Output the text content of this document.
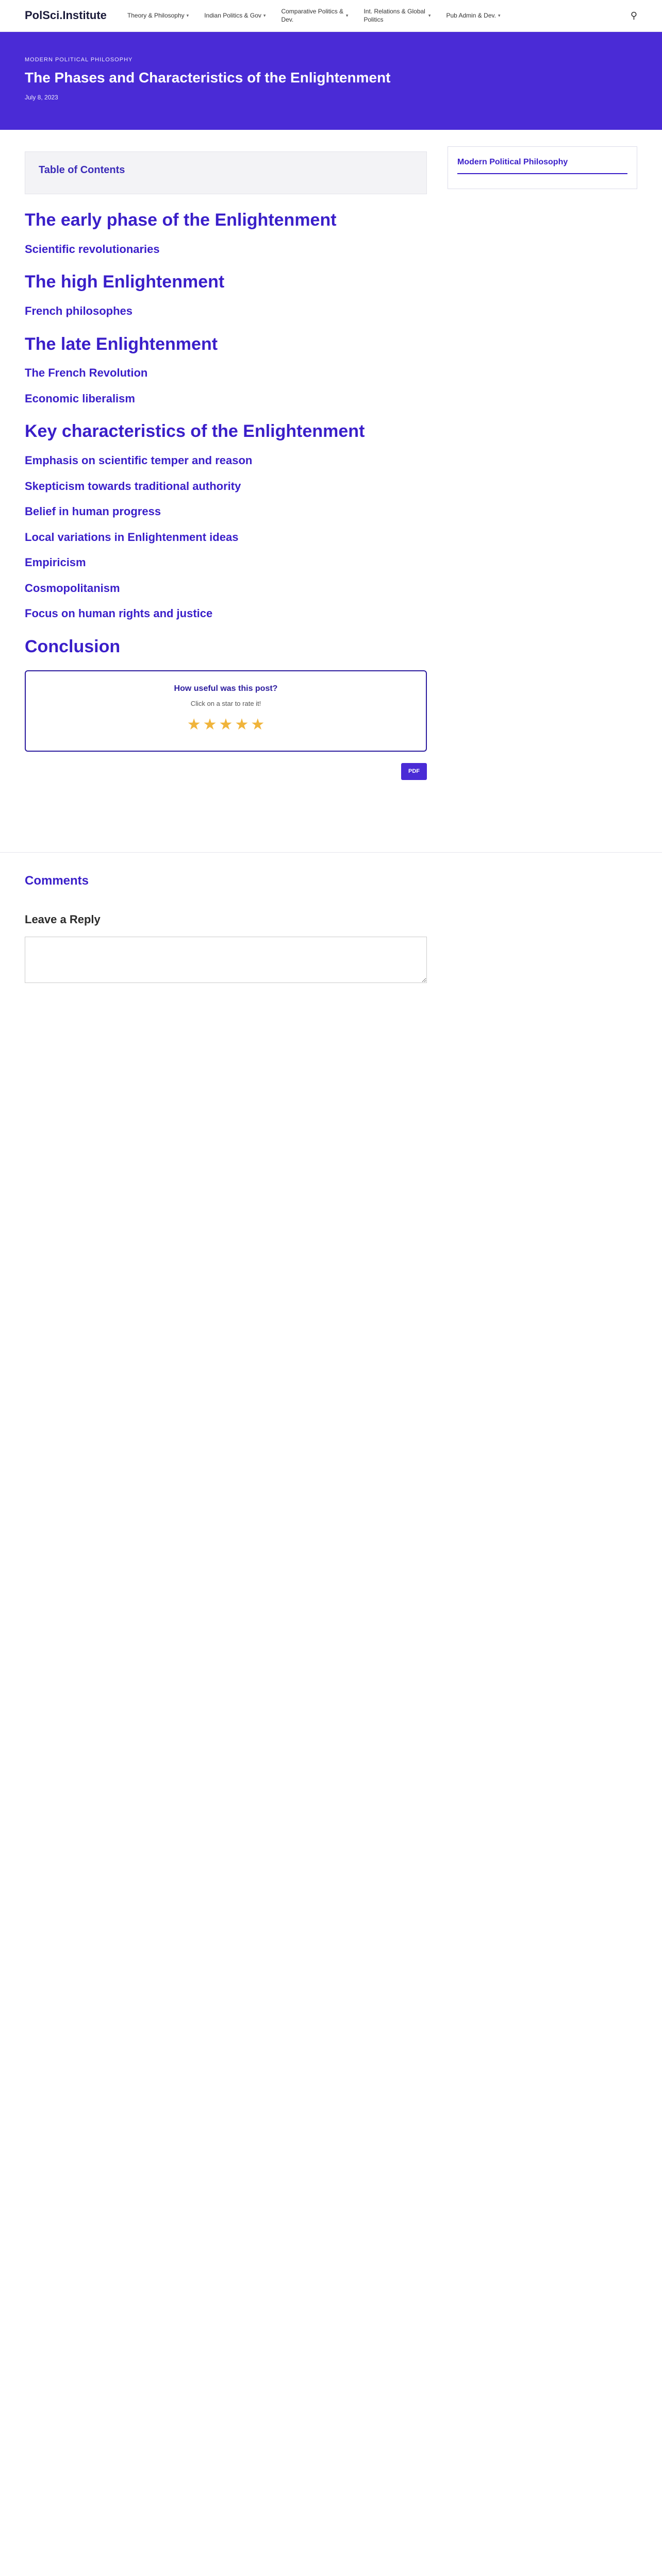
PolSci.Institute	Theory & Philosophy ▾	Indian Politics & Gov ▾
Comparative Politics & Dev.
▾
Int. Relations & Global Politics
▾	Pub Admin & Dev. ▾	⚲
MODERN POLITICAL PHILOSOPHY
The Phases and Characteristics of the Enlightenment
July 8, 2023
Table of Contents
The early phase of the Enlightenment
Scientific revolutionaries
The high Enlightenment
French philosophes
The late Enlightenment
The French Revolution
Economic liberalism
Key characteristics of the Enlightenment
Emphasis on scientific temper and reason
Skepticism towards traditional authority
Belief in human progress
Local variations in Enlightenment ideas
Empiricism
Cosmopolitanism
Focus on human rights and justice
Conclusion
How useful was this post?
Click on a star to rate it!
★ ★ ★ ★ ★
PDF
Modern Political Philosophy
Comments
Leave a Reply
